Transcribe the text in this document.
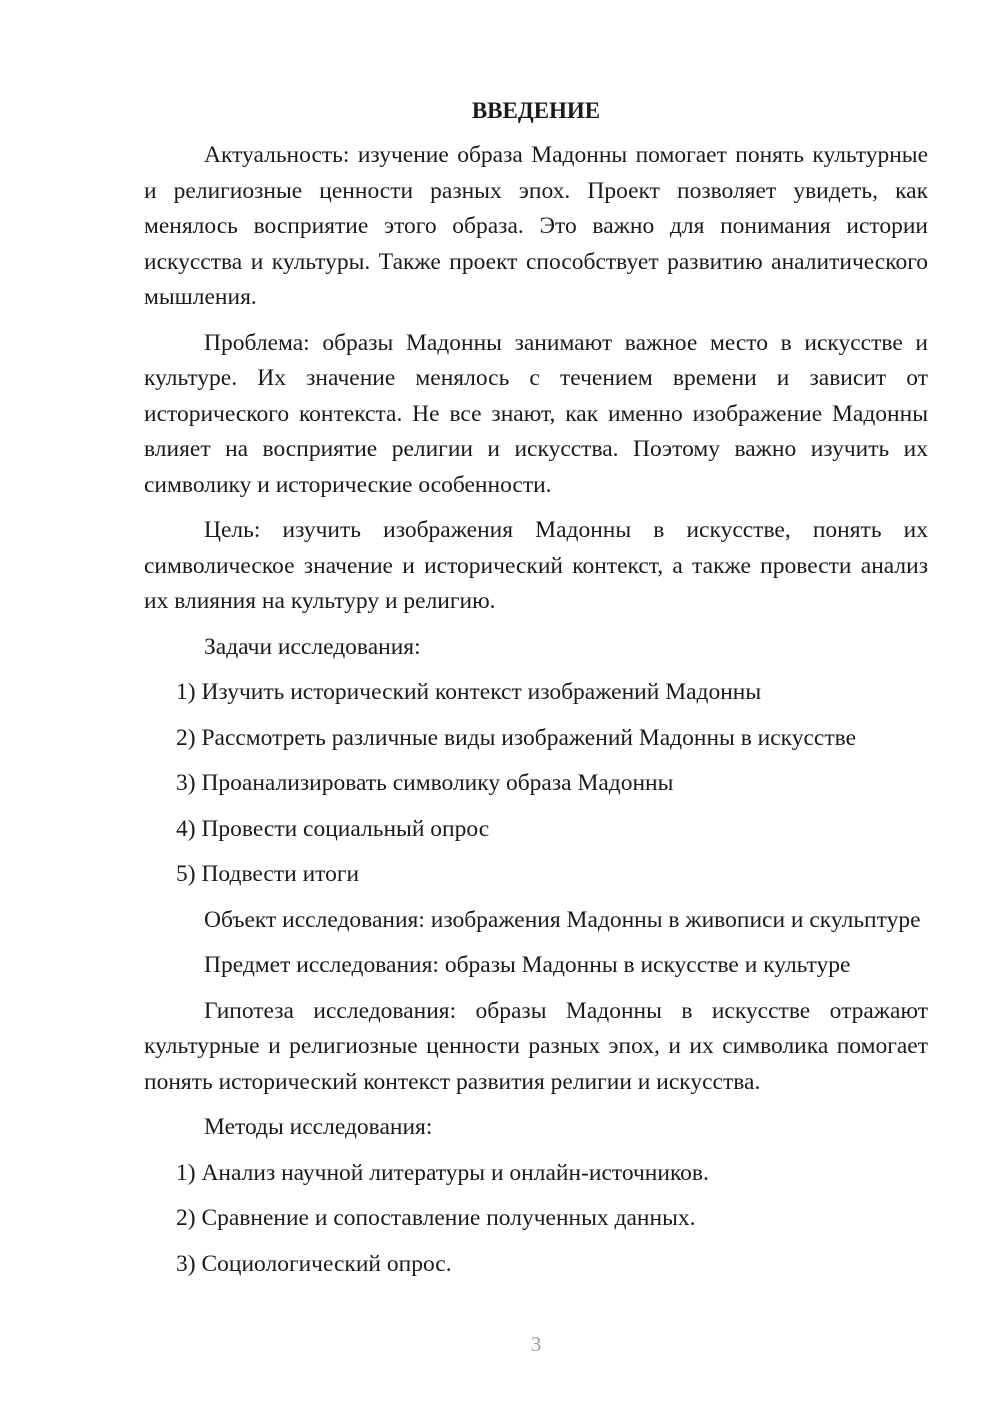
ВВЕДЕНИЕ

Актуальность: изучение образа Мадонны помогает понять культурные и религиозные ценности разных эпох. Проект позволяет увидеть, как менялось восприятие этого образа. Это важно для понимания истории искусства и культуры. Также проект способствует развитию аналитического мышления.

Проблема: образы Мадонны занимают важное место в искусстве и культуре. Их значение менялось с течением времени и зависит от исторического контекста. Не все знают, как именно изображение Мадонны влияет на восприятие религии и искусства. Поэтому важно изучить их символику и исторические особенности.

Цель: изучить изображения Мадонны в искусстве, понять их символическое значение и исторический контекст, а также провести анализ их влияния на культуру и религию.

Задачи исследования:

1) Изучить исторический контекст изображений Мадонны
2) Рассмотреть различные виды изображений Мадонны в искусстве
3) Проанализировать символику образа Мадонны
4) Провести социальный опрос
5) Подвести итоги

Объект исследования: изображения Мадонны в живописи и скульптуре

Предмет исследования: образы Мадонны в искусстве и культуре

Гипотеза исследования: образы Мадонны в искусстве отражают культурные и религиозные ценности разных эпох, и их символика помогает понять исторический контекст развития религии и искусства.

Методы исследования:

1) Анализ научной литературы и онлайн-источников.
2) Сравнение и сопоставление полученных данных.
3) Социологический опрос.
3
